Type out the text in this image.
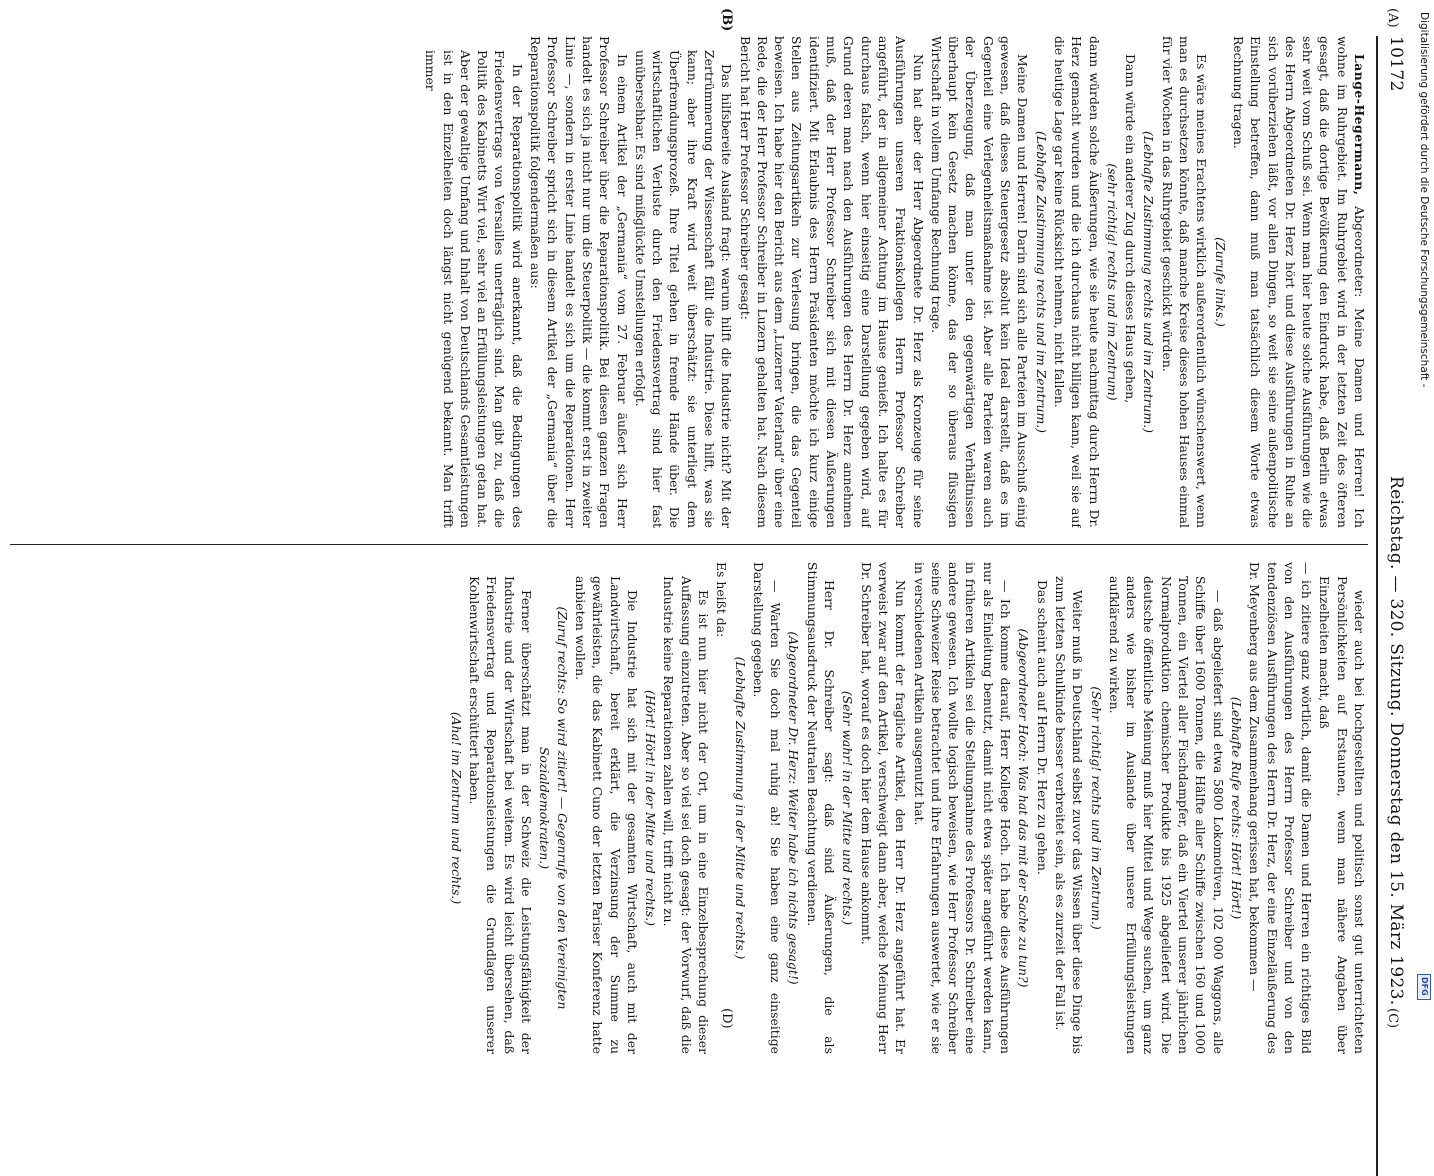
10172
Reichstag. — 320. Sitzung. Donnerstag den 15. März 1923.
(A)
(B)
(C)
(D)

Lange-Hegermann, Abgeordneter: Meine Damen und Herren! Ich wohne im Ruhrgebiet. Im Ruhrgebiet wird in der letzten Zeit des öfteren gesagt, daß die dortige Bevölkerung den Eindruck habe, daß Berlin etwas sehr weit vom Schuß sei. Wenn man hier heute solche Ausführungen wie die des Herrn Abgeordneten Dr. Herz hört und diese Ausführungen in Ruhe an sich vorüberziehen läßt, vor allen Dingen, so weit sie seine außenpolitische Einstellung betreffen, dann muß man tatsächlich diesem Worte etwas Rechnung tragen.

(Zurufe links.)

Es wäre meines Erachtens wirklich außerordentlich wünschenswert, wenn man es durchsetzen könnte, daß manche Kreise dieses hohen Hauses einmal für vier Wochen in das Ruhrgebiet geschickt würden.

(Lebhafte Zustimmung rechts und im Zentrum.)

Dann würde ein anderer Zug durch dieses Haus gehen,

(sehr richtig! rechts und im Zentrum)

dann würden solche Äußerungen, wie sie heute nachmittag durch Herrn Dr. Herz gemacht wurden und die ich durchaus nicht billigen kann, weil sie auf die heutige Lage gar keine Rücksicht nehmen, nicht fallen.

(Lebhafte Zustimmung rechts und im Zentrum.)

Meine Damen und Herren! Darin sind sich alle Parteien im Ausschuß einig gewesen, daß dieses Steuergesetz absolut kein Ideal darstellt, daß es im Gegenteil eine Verlegenheitsmaßnahme ist. Aber alle Parteien waren auch der Überzeugung, daß man unter den gegenwärtigen Verhältnissen überhaupt kein Gesetz machen könne, das der so überaus flüssigen Wirtschaft in vollem Umfange Rechnung trage.

Nun hat aber der Herr Abgeordnete Dr. Herz als Kronzeuge für seine Ausführungen unseren Fraktionskollegen Herrn Professor Schreiber angeführt, der in allgemeiner Achtung im Hause genießt. Ich halte es für durchaus falsch, wenn hier einseitig eine Darstellung gegeben wird, auf Grund deren man nach den Ausführungen des Herrn Dr. Herz annehmen muß, daß der Herr Professor Schreiber sich mit diesen Äußerungen identifiziert. Mit Erlaubnis des Herrn Präsidenten möchte ich kurz einige Stellen aus Zeitungsartikeln zur Verlesung bringen, die das Gegenteil beweisen. Ich habe hier den Bericht aus dem „Luzerner Vaterland“ über eine Rede, die der Herr Professor Schreiber in Luzern gehalten hat. Nach diesem Bericht hat Herr Professor Schreiber gesagt:

Das hilfsbereite Ausland fragt: warum hilft die Industrie nicht? Mit der Zertrümmerung der Wissenschaft fällt die Industrie. Diese hilft, was sie kann; aber ihre Kraft wird weit überschätzt: sie unterliegt dem Überfremdungsprozeß. Ihre Titel gehen in fremde Hände über. Die wirtschaftlichen Verluste durch den Friedensvertrag sind hier fast unübersehbar. Es sind mißglückte Umstellungen erfolgt.

In einem Artikel der „Germania“ vom 27. Februar äußert sich Herr Professor Schreiber über die Reparationspolitik. Bei diesen ganzen Fragen handelt es sich ja nicht nur um die Steuerpolitik — die kommt erst in zweiter Linie —, sondern in erster Linie handelt es sich um die Reparationen. Herr Professor Schreiber spricht sich in diesem Artikel der „Germania“ über die Reparationspolitik folgendermaßen aus:

In der Reparationspolitik wird anerkannt, daß die Bedingungen des Friedensvertrags von Versailles unerträglich sind. Man gibt zu, daß die Politik des Kabinetts Wirt viel, sehr viel an Erfüllungsleistungen getan hat. Aber der gewaltige Umfang und Inhalt von Deutschlands Gesamtleistungen ist in den Einzelheiten doch längst nicht genügend bekannt. Man trifft immer

wieder auch bei hochgestellten und politisch sonst gut unterrichteten Persönlichkeiten auf Erstaunen, wenn man nähere Angaben über Einzelheiten macht, daß

— ich zitiere ganz wörtlich, damit die Damen und Herren ein richtiges Bild von den Ausführungen des Herrn Professor Schreiber und von den tendenziösen Ausführungen des Herrn Dr. Herz, der eine Einzeläußerung des Dr. Meyenberg aus dem Zusammenhang gerissen hat, bekommen —

(Lebhafte Rufe rechts: Hört! Hört!)

— daß abgeliefert sind etwa 5800 Lokomotiven, 102 000 Waggons, alle Schiffe über 1600 Tonnen, die Hälfte aller Schiffe zwischen 160 und 1000 Tonnen, ein Viertel aller Fischdampfer, daß ein Viertel unserer jährlichen Normalproduktion chemischer Produkte bis 1925 abgeliefert wird. Die deutsche öffentliche Meinung muß hier Mittel und Wege suchen, um ganz anders wie bisher im Auslande über unsere Erfüllungsleistungen aufklärend zu wirken.

(Sehr richtig! rechts und im Zentrum.)

Weiter muß in Deutschland selbst zuvor das Wissen über diese Dinge bis zum letzten Schulkinde besser verbreitet sein, als es zurzeit der Fall ist.

Das scheint auch auf Herrn Dr. Herz zu gehen.

(Abgeordneter Hoch: Was hat das mit der Sache zu tun?)

— Ich komme darauf, Herr Kollege Hoch. Ich habe diese Ausführungen nur als Einleitung benutzt, damit nicht etwa später angeführt werden kann, in früheren Artikeln sei die Stellungnahme des Professors Dr. Schreiber eine andere gewesen. Ich wollte logisch beweisen, wie Herr Professor Schreiber seine Schweizer Reise betrachtet und ihre Erfahrungen auswertet, wie er sie in verschiedenen Artikeln ausgenutzt hat.

Nun kommt der fragliche Artikel, den Herr Dr. Herz angeführt hat. Er verweist zwar auf den Artikel, verschweigt dann aber, welche Meinung Herr Dr. Schreiber hat, worauf es doch hier dem Hause ankommt.

(Sehr wahr! in der Mitte und rechts.)

Herr Dr. Schreiber sagt: daß sind Äußerungen, die als Stimmungsausdruck der Neutralen Beachtung verdienen.

(Abgeordneter Dr. Herz: Weiter habe ich nichts gesagt!)

— Warten Sie doch mal ruhig ab! Sie haben eine ganz einseitige Darstellung gegeben.

(Lebhafte Zustimmung in der Mitte und rechts.)

Es heißt da:

Es ist nun hier nicht der Ort, um in eine Einzelbesprechung dieser Auffassung einzutreten. Aber so viel sei doch gesagt: der Vorwurf, daß die Industrie keine Reparationen zahlen will, trifft nicht zu.

(Hört! Hört! in der Mitte und rechts.)

Die Industrie hat sich mit der gesamten Wirtschaft, auch mit der Landwirtschaft, bereit erklärt, die Verzinsung der Summe zu gewährleisten, die das Kabinett Cuno der letzten Pariser Konferenz hatte anbieten wollen.

(Zuruf rechts: So wird zitiert! — Gegenrufe von den Vereinigten Sozialdemokraten.)

Ferner überschätzt man in der Schweiz die Leistungsfähigkeit der Industrie und der Wirtschaft bei weitem. Es wird leicht übersehen, daß Friedensvertrag und Reparationsleistungen die Grundlagen unserer Kohlenwirtschaft erschüttert haben.

(Aha! im Zentrum und rechts.)

Digitalisierung gefördert durch die Deutsche Forschungsgemeinschaft -
DFG
